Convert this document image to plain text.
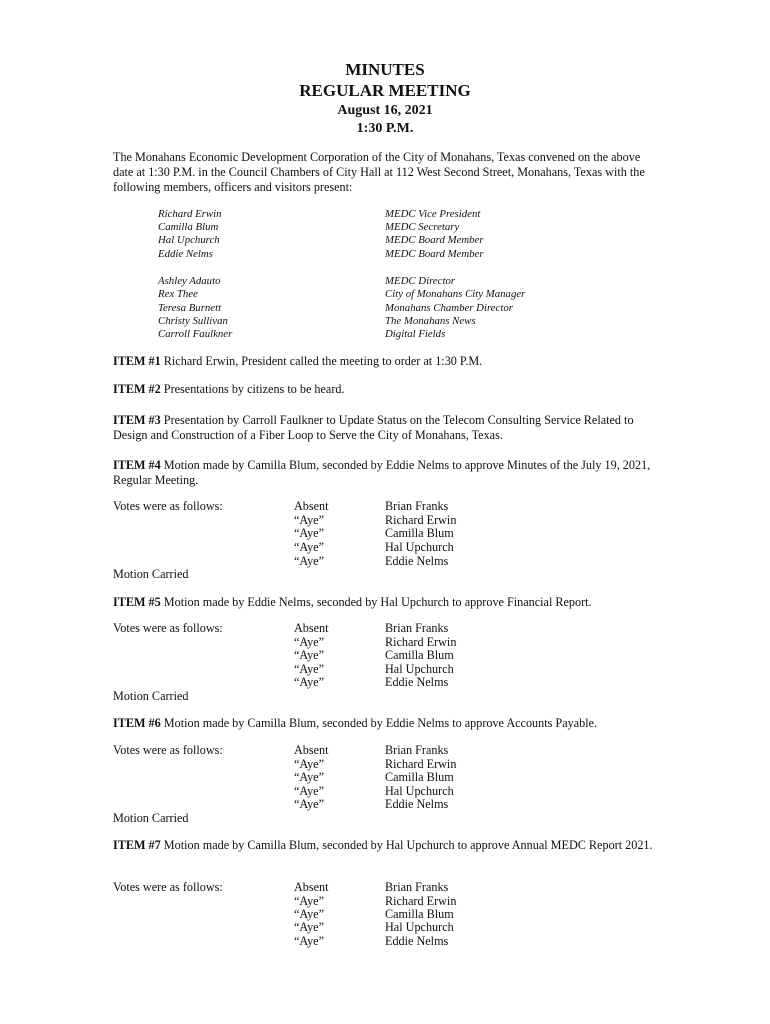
MINUTES
REGULAR MEETING
August 16, 2021
1:30 P.M.
The Monahans Economic Development Corporation of the City of Monahans, Texas convened on the above date at 1:30 P.M. in the Council Chambers of City Hall at 112 West Second Street, Monahans, Texas with the following members, officers and visitors present:
Richard Erwin	MEDC Vice President
Camilla Blum	MEDC Secretary
Hal Upchurch	MEDC Board Member
Eddie Nelms	MEDC Board Member
Ashley Adauto	MEDC Director
Rex Thee	City of Monahans City Manager
Teresa Burnett	Monahans Chamber Director
Christy Sullivan	The Monahans News
Carroll Faulkner	Digital Fields
ITEM #1 Richard Erwin, President called the meeting to order at 1:30 P.M.
ITEM #2 Presentations by citizens to be heard.
ITEM #3 Presentation by Carroll Faulkner to Update Status on the Telecom Consulting Service Related to Design and Construction of a Fiber Loop to Serve the City of Monahans, Texas.
ITEM #4 Motion made by Camilla Blum, seconded by Eddie Nelms to approve Minutes of the July 19, 2021, Regular Meeting.
Votes were as follows:	Absent	Brian Franks
“Aye”	Richard Erwin
“Aye”	Camilla Blum
“Aye”	Hal Upchurch
“Aye”	Eddie Nelms
Motion Carried
ITEM #5 Motion made by Eddie Nelms, seconded by Hal Upchurch to approve Financial Report.
Votes were as follows:	Absent	Brian Franks
“Aye”	Richard Erwin
“Aye”	Camilla Blum
“Aye”	Hal Upchurch
“Aye”	Eddie Nelms
Motion Carried
ITEM #6 Motion made by Camilla Blum, seconded by Eddie Nelms to approve Accounts Payable.
Votes were as follows:	Absent	Brian Franks
“Aye”	Richard Erwin
“Aye”	Camilla Blum
“Aye”	Hal Upchurch
“Aye”	Eddie Nelms
Motion Carried
ITEM #7 Motion made by Camilla Blum, seconded by Hal Upchurch to approve Annual MEDC Report 2021.
Votes were as follows:	Absent	Brian Franks
“Aye”	Richard Erwin
“Aye”	Camilla Blum
“Aye”	Hal Upchurch
“Aye”	Eddie Nelms
